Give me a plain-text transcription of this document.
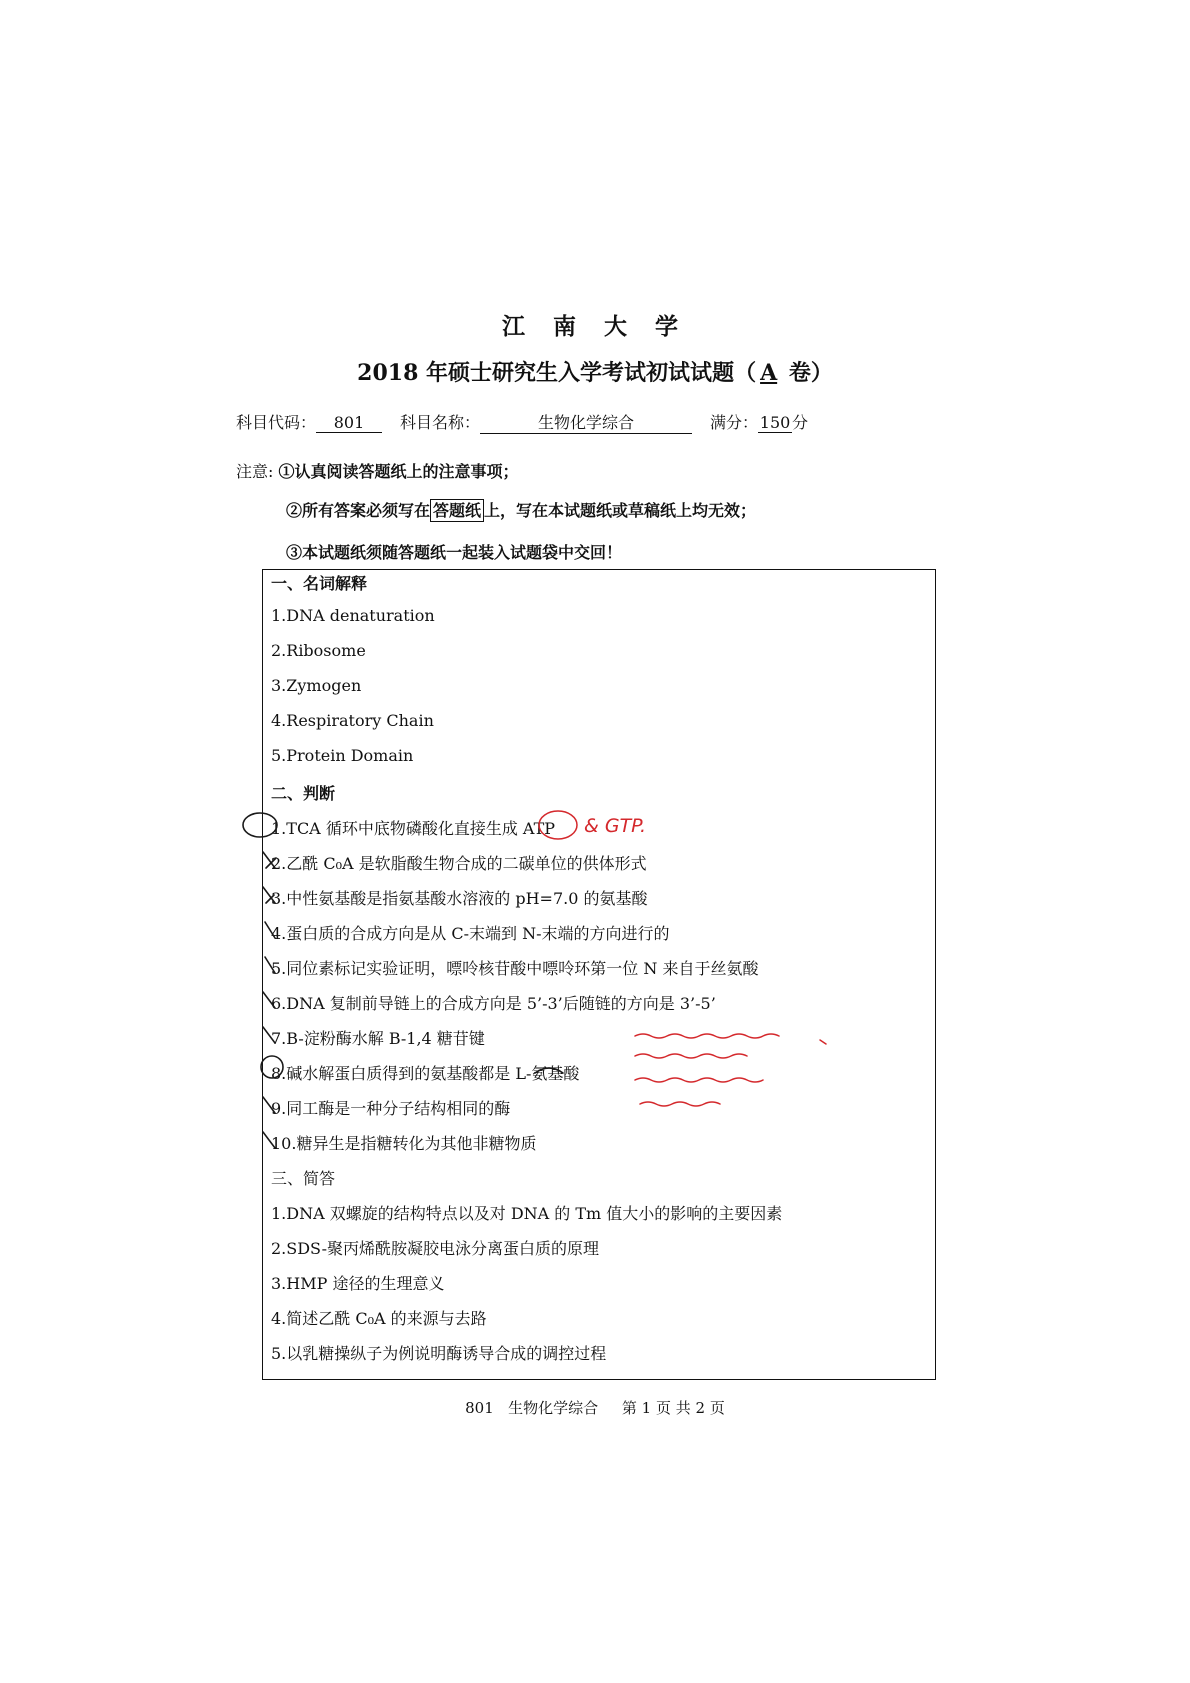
江 南 大 学
2018 年硕士研究生入学考试初试试题（ A 卷）
科目代码： 801 科目名称：	生物化学综合	满分： 150 分
注意: ①认真阅读答题纸上的注意事项；
②所有答案必须写在 答题纸 上，写在本试题纸或草稿纸上均无效；
③本试题纸须随答题纸一起装入试题袋中交回！
一、名词解释
1.DNA denaturation
2.Ribosome
3.Zymogen
4.Respiratory Chain
5.Protein Domain
二、判断
1.TCA 循环中底物磷酸化直接生成 ATP
2.乙酰 C₀A 是软脂酸生物合成的二碳单位的供体形式
3.中性氨基酸是指氨基酸水溶液的 pH=7.0 的氨基酸
4.蛋白质的合成方向是从 C-末端到 N-末端的方向进行的
5.同位素标记实验证明，嘌呤核苷酸中嘌呤环第一位 N 来自于丝氨酸
6.DNA 复制前导链上的合成方向是 5’-3’后随链的方向是 3’-5’
7.B-淀粉酶水解 B-1,4 糖苷键
8.碱水解蛋白质得到的氨基酸都是 L-氨基酸
9.同工酶是一种分子结构相同的酶
10.糖异生是指糖转化为其他非糖物质
三、简答
1.DNA 双螺旋的结构特点以及对 DNA 的 Tm 值大小的影响的主要因素
2.SDS-聚丙烯酰胺凝胶电泳分离蛋白质的原理
3.HMP 途径的生理意义
4.简述乙酰 C₀A 的来源与去路
5.以乳糖操纵子为例说明酶诱导合成的调控过程
& GTP.
801   生物化学综合     第 1 页 共 2 页
